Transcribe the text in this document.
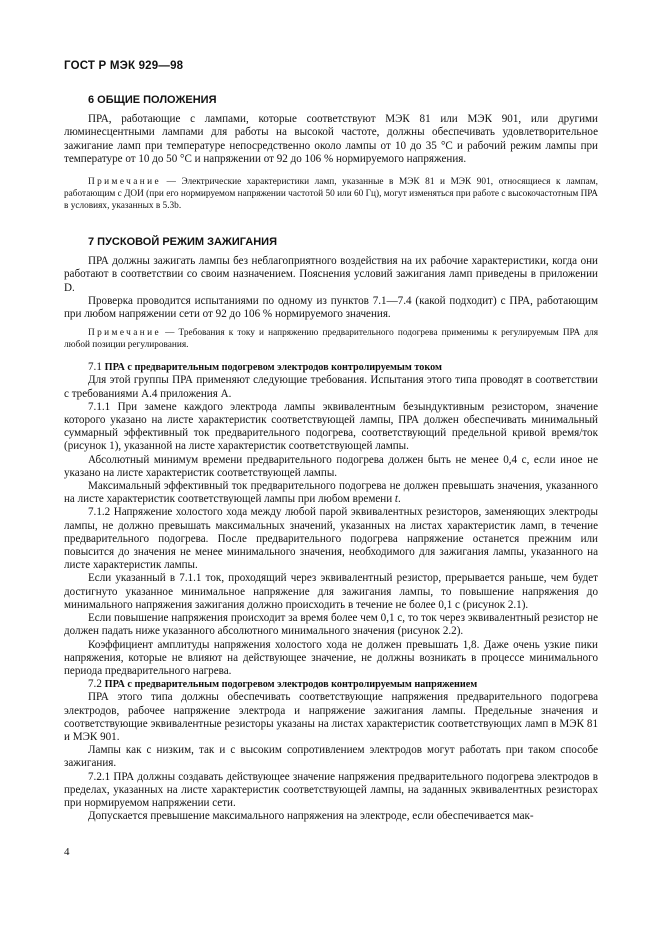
ГОСТ Р МЭК 929—98

6 ОБЩИЕ ПОЛОЖЕНИЯ

ПРА, работающие с лампами, которые соответствуют МЭК 81 или МЭК 901, или другими люминесцентными лампами для работы на высокой частоте, должны обеспечивать удовлетворительное зажигание ламп при температуре непосредственно около лампы от 10 до 35 °С и рабочий режим лампы при температуре от 10 до 50 °С и напряжении от 92 до 106 % нормируемого напряжения.

Примечание — Электрические характеристики ламп, указанные в МЭК 81 и МЭК 901, относящиеся к лампам, работающим с ДОИ (при его нормируемом напряжении частотой 50 или 60 Гц), могут изменяться при работе с высокочастотным ПРА в условиях, указанных в 5.3b.

7 ПУСКОВОЙ РЕЖИМ ЗАЖИГАНИЯ

ПРА должны зажигать лампы без неблагоприятного воздействия на их рабочие характеристики, когда они работают в соответствии со своим назначением. Пояснения условий зажигания ламп приведены в приложении D.

Проверка проводится испытаниями по одному из пунктов 7.1—7.4 (какой подходит) с ПРА, работающим при любом напряжении сети от 92 до 106 % нормируемого значения.

Примечание — Требования к току и напряжению предварительного подогрева применимы к регулируемым ПРА для любой позиции регулирования.

7.1 ПРА с предварительным подогревом электродов контролируемым током

Для этой группы ПРА применяют следующие требования. Испытания этого типа проводят в соответствии с требованиями А.4 приложения А.

7.1.1 При замене каждого электрода лампы эквивалентным безындуктивным резистором, значение которого указано на листе характеристик соответствующей лампы, ПРА должен обеспечивать минимальный суммарный эффективный ток предварительного подогрева, соответствующий предельной кривой время/ток (рисунок 1), указанной на листе характеристик соответствующей лампы.

Абсолютный минимум времени предварительного подогрева должен быть не менее 0,4 с, если иное не указано на листе характеристик соответствующей лампы.

Максимальный эффективный ток предварительного подогрева не должен превышать значения, указанного на листе характеристик соответствующей лампы при любом времени t.

7.1.2 Напряжение холостого хода между любой парой эквивалентных резисторов, заменяющих электроды лампы, не должно превышать максимальных значений, указанных на листах характеристик ламп, в течение предварительного подогрева. После предварительного подогрева напряжение останется прежним или повысится до значения не менее минимального значения, необходимого для зажигания лампы, указанного на листе характеристик лампы.

Если указанный в 7.1.1 ток, проходящий через эквивалентный резистор, прерывается раньше, чем будет достигнуто указанное минимальное напряжение для зажигания лампы, то повышение напряжения до минимального напряжения зажигания должно происходить в течение не более 0,1 с (рисунок 2.1).

Если повышение напряжения происходит за время более чем 0,1 с, то ток через эквивалентный резистор не должен падать ниже указанного абсолютного минимального значения (рисунок 2.2).

Коэффициент амплитуды напряжения холостого хода не должен превышать 1,8. Даже очень узкие пики напряжения, которые не влияют на действующее значение, не должны возникать в процессе минимального периода предварительного нагрева.

7.2 ПРА с предварительным подогревом электродов контролируемым напряжением

ПРА этого типа должны обеспечивать соответствующие напряжения предварительного подогрева электродов, рабочее напряжение электрода и напряжение зажигания лампы. Предельные значения и соответствующие эквивалентные резисторы указаны на листах характеристик соответствующих ламп в МЭК 81 и МЭК 901.

Лампы как с низким, так и с высоким сопротивлением электродов могут работать при таком способе зажигания.

7.2.1 ПРА должны создавать действующее значение напряжения предварительного подогрева электродов в пределах, указанных на листе характеристик соответствующей лампы, на заданных эквивалентных резисторах при нормируемом напряжении сети.

Допускается превышение максимального напряжения на электроде, если обеспечивается мак-

4
